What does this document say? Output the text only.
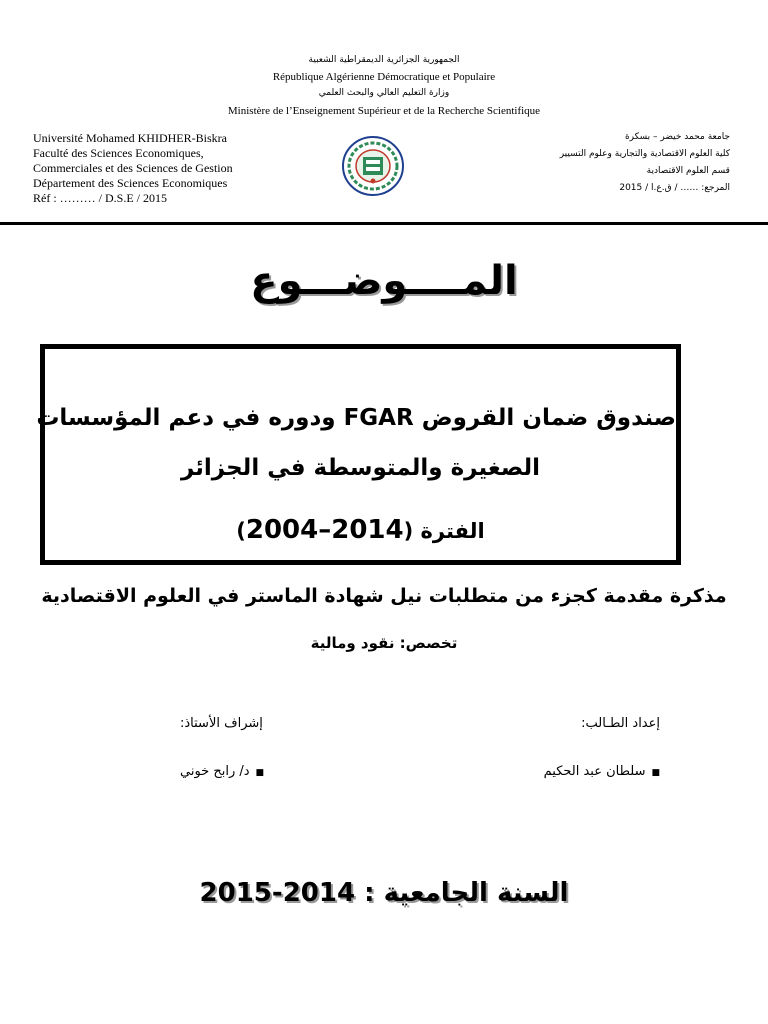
الجمهورية الجزائرية الديمقراطية الشعبية
République Algérienne Démocratique et Populaire
وزارة التعليم العالي والبحث العلمي
Ministère de l’Enseignement Supérieur et de la Recherche Scientifique
Université Mohamed KHIDHER-Biskra
Faculté des Sciences Economiques,
Commerciales et des Sciences de Gestion
Département des Sciences Economiques
Réf : ……… / D.S.E / 2015
جامعة محمد خيضر – بسكرة
كلية العلوم الاقتصادية والتجارية وعلوم التسيير
قسم العلوم الاقتصادية
المرجع: …… / ق.ع.ا / 2015
المــــوضـــوع
صندوق ضمان القروض FGAR ودوره في دعم المؤسسات
الصغيرة والمتوسطة في الجزائر
الفترة (2004–2014)
مذكرة مقدمة كجزء من متطلبات نيل شهادة الماستر في العلوم الاقتصادية
تخصص: نقود ومالية
إعداد الطـالب:
إشراف الأستاذ:
■سلطان عبد الحكيم
■د/ رابح خوني
السنة الجامعية : 2014-2015
